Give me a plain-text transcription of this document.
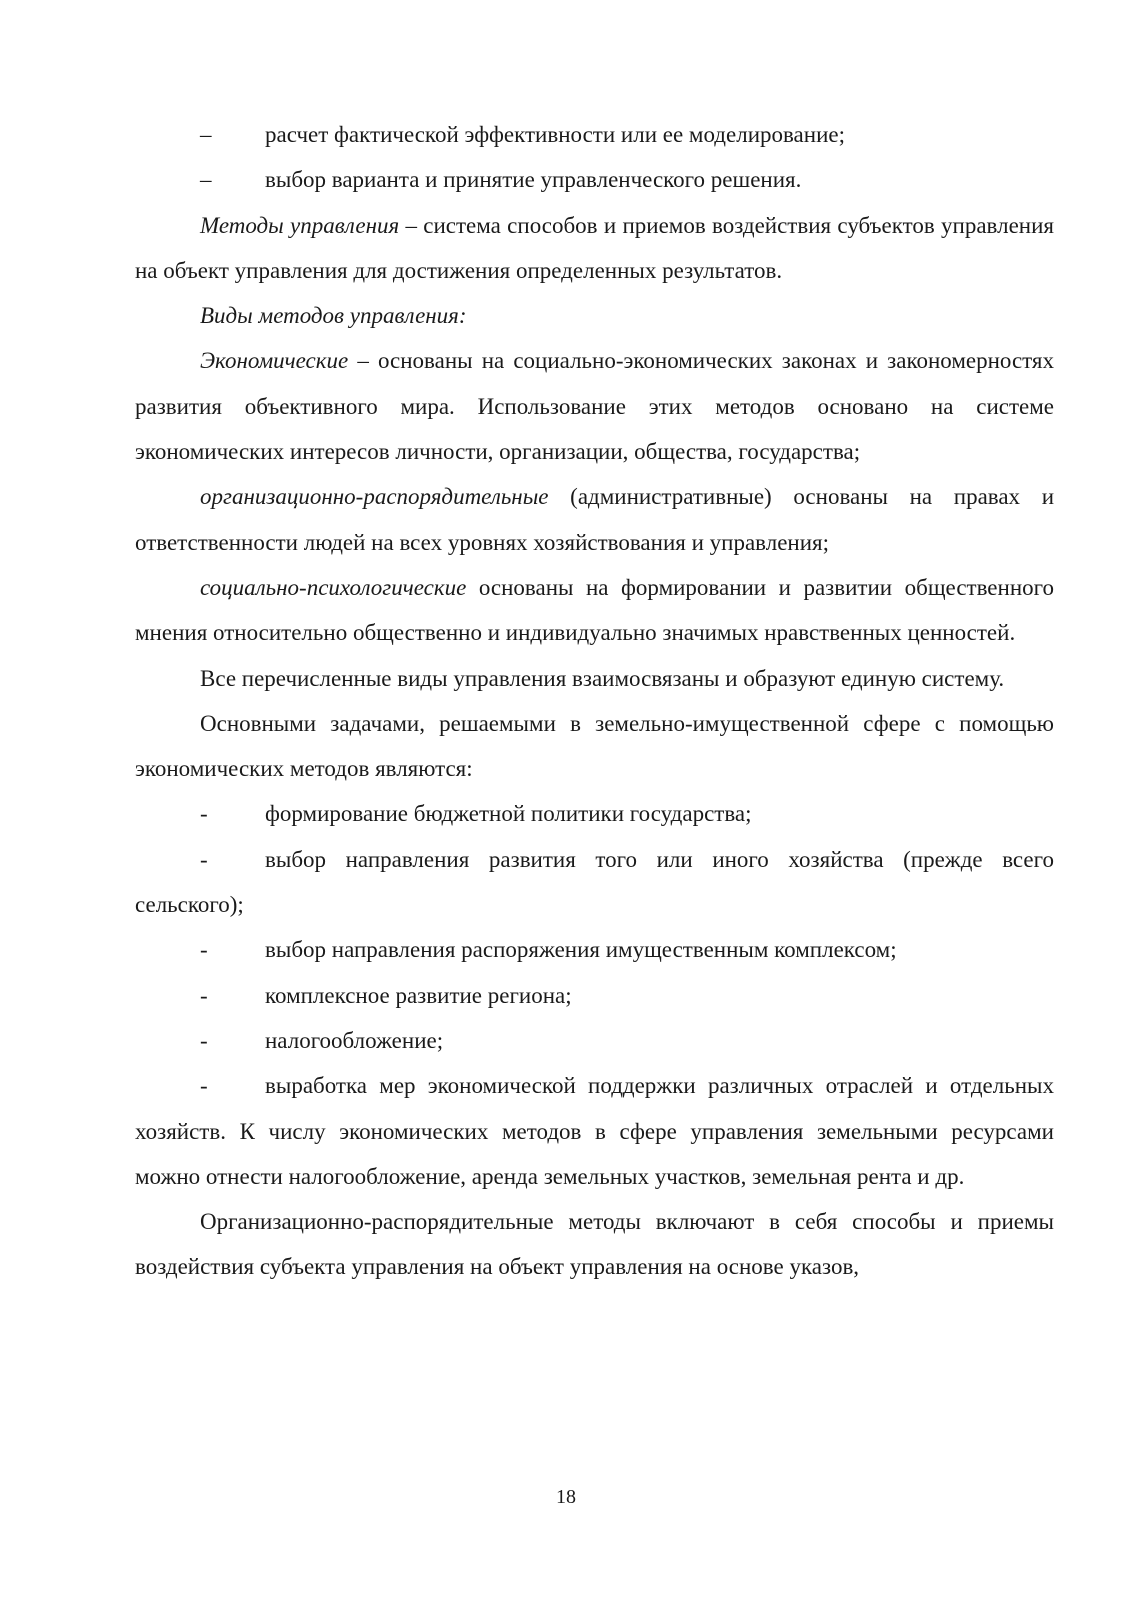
–	расчет фактической эффективности или ее моделирование;
–	выбор варианта и принятие управленческого решения.

Методы управления – система способов и приемов воздействия субъектов управления на объект управления для достижения определенных результатов.

Виды методов управления:

Экономические – основаны на социально-экономических законах и закономерностях развития объективного мира. Использование этих методов основано на системе экономических интересов личности, организации, общества, государства;

организационно-распорядительные (административные) основаны на правах и ответственности людей на всех уровнях хозяйствования и управления;

социально-психологические основаны на формировании и развитии общественного мнения относительно общественно и индивидуально значимых нравственных ценностей.

Все перечисленные виды управления взаимосвязаны и образуют единую систему.

Основными задачами, решаемыми в земельно-имущественной сфере с помощью экономических методов являются:

-	формирование бюджетной политики государства;
- выбор направления развития того или иного хозяйства (прежде всего сельского);
-	выбор направления распоряжения имущественным комплексом;
-	комплексное развитие региона;
-	налогообложение;
- выработка мер экономической поддержки различных отраслей и отдельных хозяйств. К числу экономических методов в сфере управления земельными ресурсами можно отнести налогообложение, аренда земельных участков, земельная рента и др.

Организационно-распорядительные методы включают в себя способы и приемы воздействия субъекта управления на объект управления на основе указов,

18
